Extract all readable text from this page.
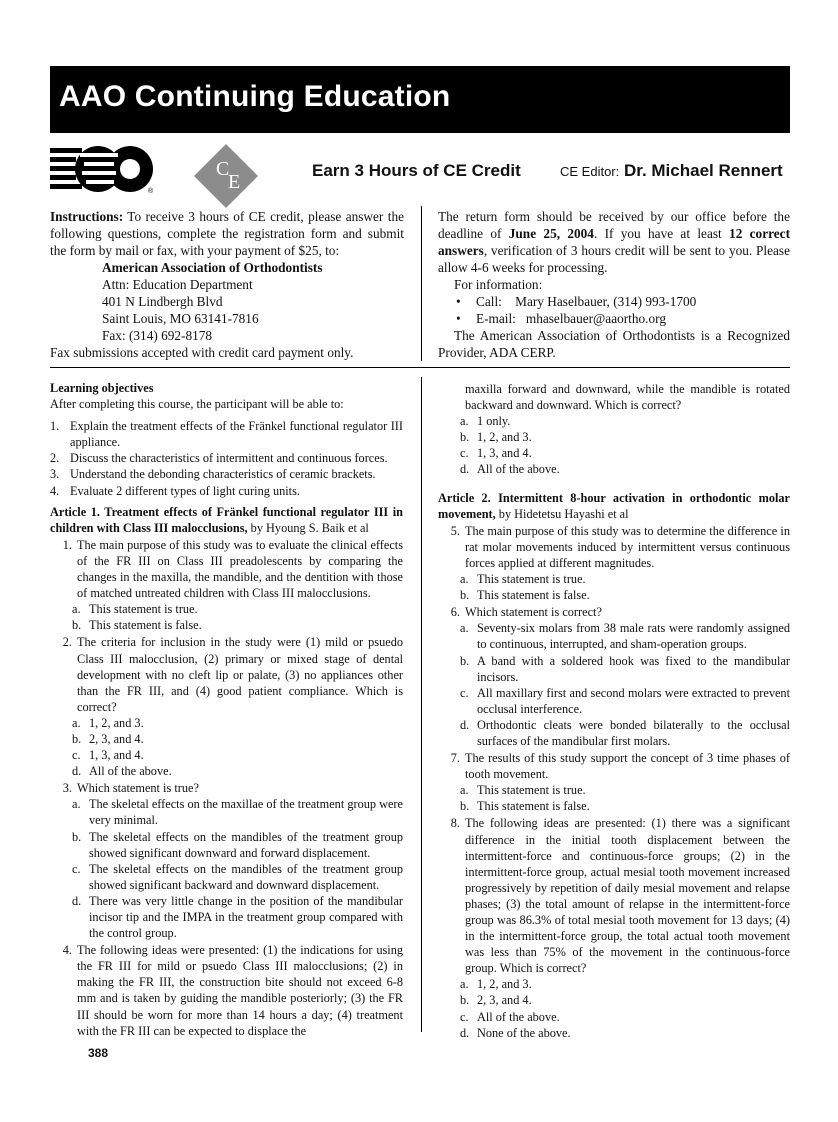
AAO Continuing Education
®
C
E
Earn 3 Hours of CE Credit	CE Editor: Dr. Michael Rennert
Instructions: To receive 3 hours of CE credit, please answer the following questions, complete the registration form and submit the form by mail or fax, with your payment of $25, to:
American Association of Orthodontists
Attn: Education Department
401 N Lindbergh Blvd
Saint Louis, MO 63141-7816
Fax: (314) 692-8178
Fax submissions accepted with credit card payment only.
The return form should be received by our office before the deadline of June 25, 2004. If you have at least 12 correct answers, verification of 3 hours credit will be sent to you. Please allow 4-6 weeks for processing.
For information:
• Call:    Mary Haselbauer, (314) 993-1700
• E-mail:   mhaselbauer@aaortho.org
The American Association of Orthodontists is a Recognized Provider, ADA CERP.
Learning objectives
After completing this course, the participant will be able to:
1. Explain the treatment effects of the Fränkel functional regulator III appliance.
2. Discuss the characteristics of intermittent and continuous forces.
3. Understand the debonding characteristics of ceramic brackets.
4. Evaluate 2 different types of light curing units.
Article 1. Treatment effects of Fränkel functional regulator III in children with Class III malocclusions, by Hyoung S. Baik et al
1. The main purpose of this study was to evaluate the clinical effects of the FR III on Class III preadolescents by comparing the changes in the maxilla, the mandible, and the dentition with those of matched untreated children with Class III malocclusions.
a. This statement is true.
b. This statement is false.
2. The criteria for inclusion in the study were (1) mild or psuedo Class III malocclusion, (2) primary or mixed stage of dental development with no cleft lip or palate, (3) no appliances other than the FR III, and (4) good patient compliance. Which is correct?
a. 1, 2, and 3.
b. 2, 3, and 4.
c. 1, 3, and 4.
d. All of the above.
3. Which statement is true?
a. The skeletal effects on the maxillae of the treatment group were very minimal.
b. The skeletal effects on the mandibles of the treatment group showed significant downward and forward displacement.
c. The skeletal effects on the mandibles of the treatment group showed significant backward and downward displacement.
d. There was very little change in the position of the mandibular incisor tip and the IMPA in the treatment group compared with the control group.
4. The following ideas were presented: (1) the indications for using the FR III for mild or psuedo Class III malocclusions; (2) in making the FR III, the construction bite should not exceed 6-8 mm and is taken by guiding the mandible posteriorly; (3) the FR III should be worn for more than 14 hours a day; (4) treatment with the FR III can be expected to displace the
maxilla forward and downward, while the mandible is rotated backward and downward. Which is correct?
a. 1 only.
b. 1, 2, and 3.
c. 1, 3, and 4.
d. All of the above.
Article 2. Intermittent 8-hour activation in orthodontic molar movement, by Hidetetsu Hayashi et al
5. The main purpose of this study was to determine the difference in rat molar movements induced by intermittent versus continuous forces applied at different magnitudes.
a. This statement is true.
b. This statement is false.
6. Which statement is correct?
a. Seventy-six molars from 38 male rats were randomly assigned to continuous, interrupted, and sham-operation groups.
b. A band with a soldered hook was fixed to the mandibular incisors.
c. All maxillary first and second molars were extracted to prevent occlusal interference.
d. Orthodontic cleats were bonded bilaterally to the occlusal surfaces of the mandibular first molars.
7. The results of this study support the concept of 3 time phases of tooth movement.
a. This statement is true.
b. This statement is false.
8. The following ideas are presented: (1) there was a significant difference in the initial tooth displacement between the intermittent-force and continuous-force groups; (2) in the intermittent-force group, actual mesial tooth movement increased progressively by repetition of daily mesial movement and relapse phases; (3) the total amount of relapse in the intermittent-force group was 86.3% of total mesial tooth movement for 13 days; (4) in the intermittent-force group, the total actual tooth movement was less than 75% of the movement in the continuous-force group. Which is correct?
a. 1, 2, and 3.
b. 2, 3, and 4.
c. All of the above.
d. None of the above.
388
